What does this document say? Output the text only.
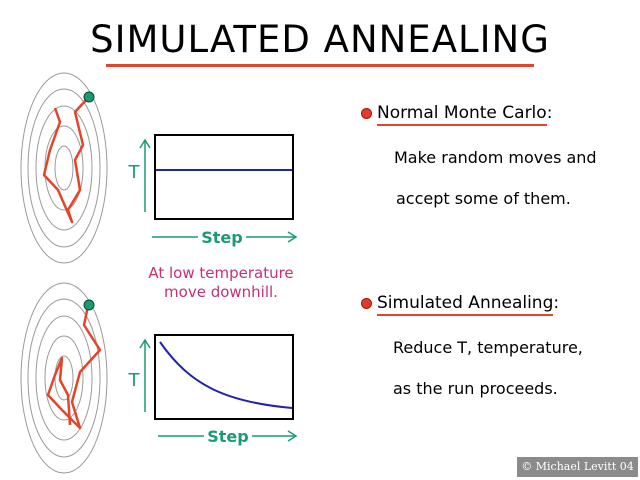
SIMULATED ANNEALING
T
Step
At low temperature
move downhill.
T
Step
Normal Monte Carlo:
Make random moves and
accept some of them.
Simulated Annealing:
Reduce T, temperature,
as the run proceeds.
© Michael Levitt 04
